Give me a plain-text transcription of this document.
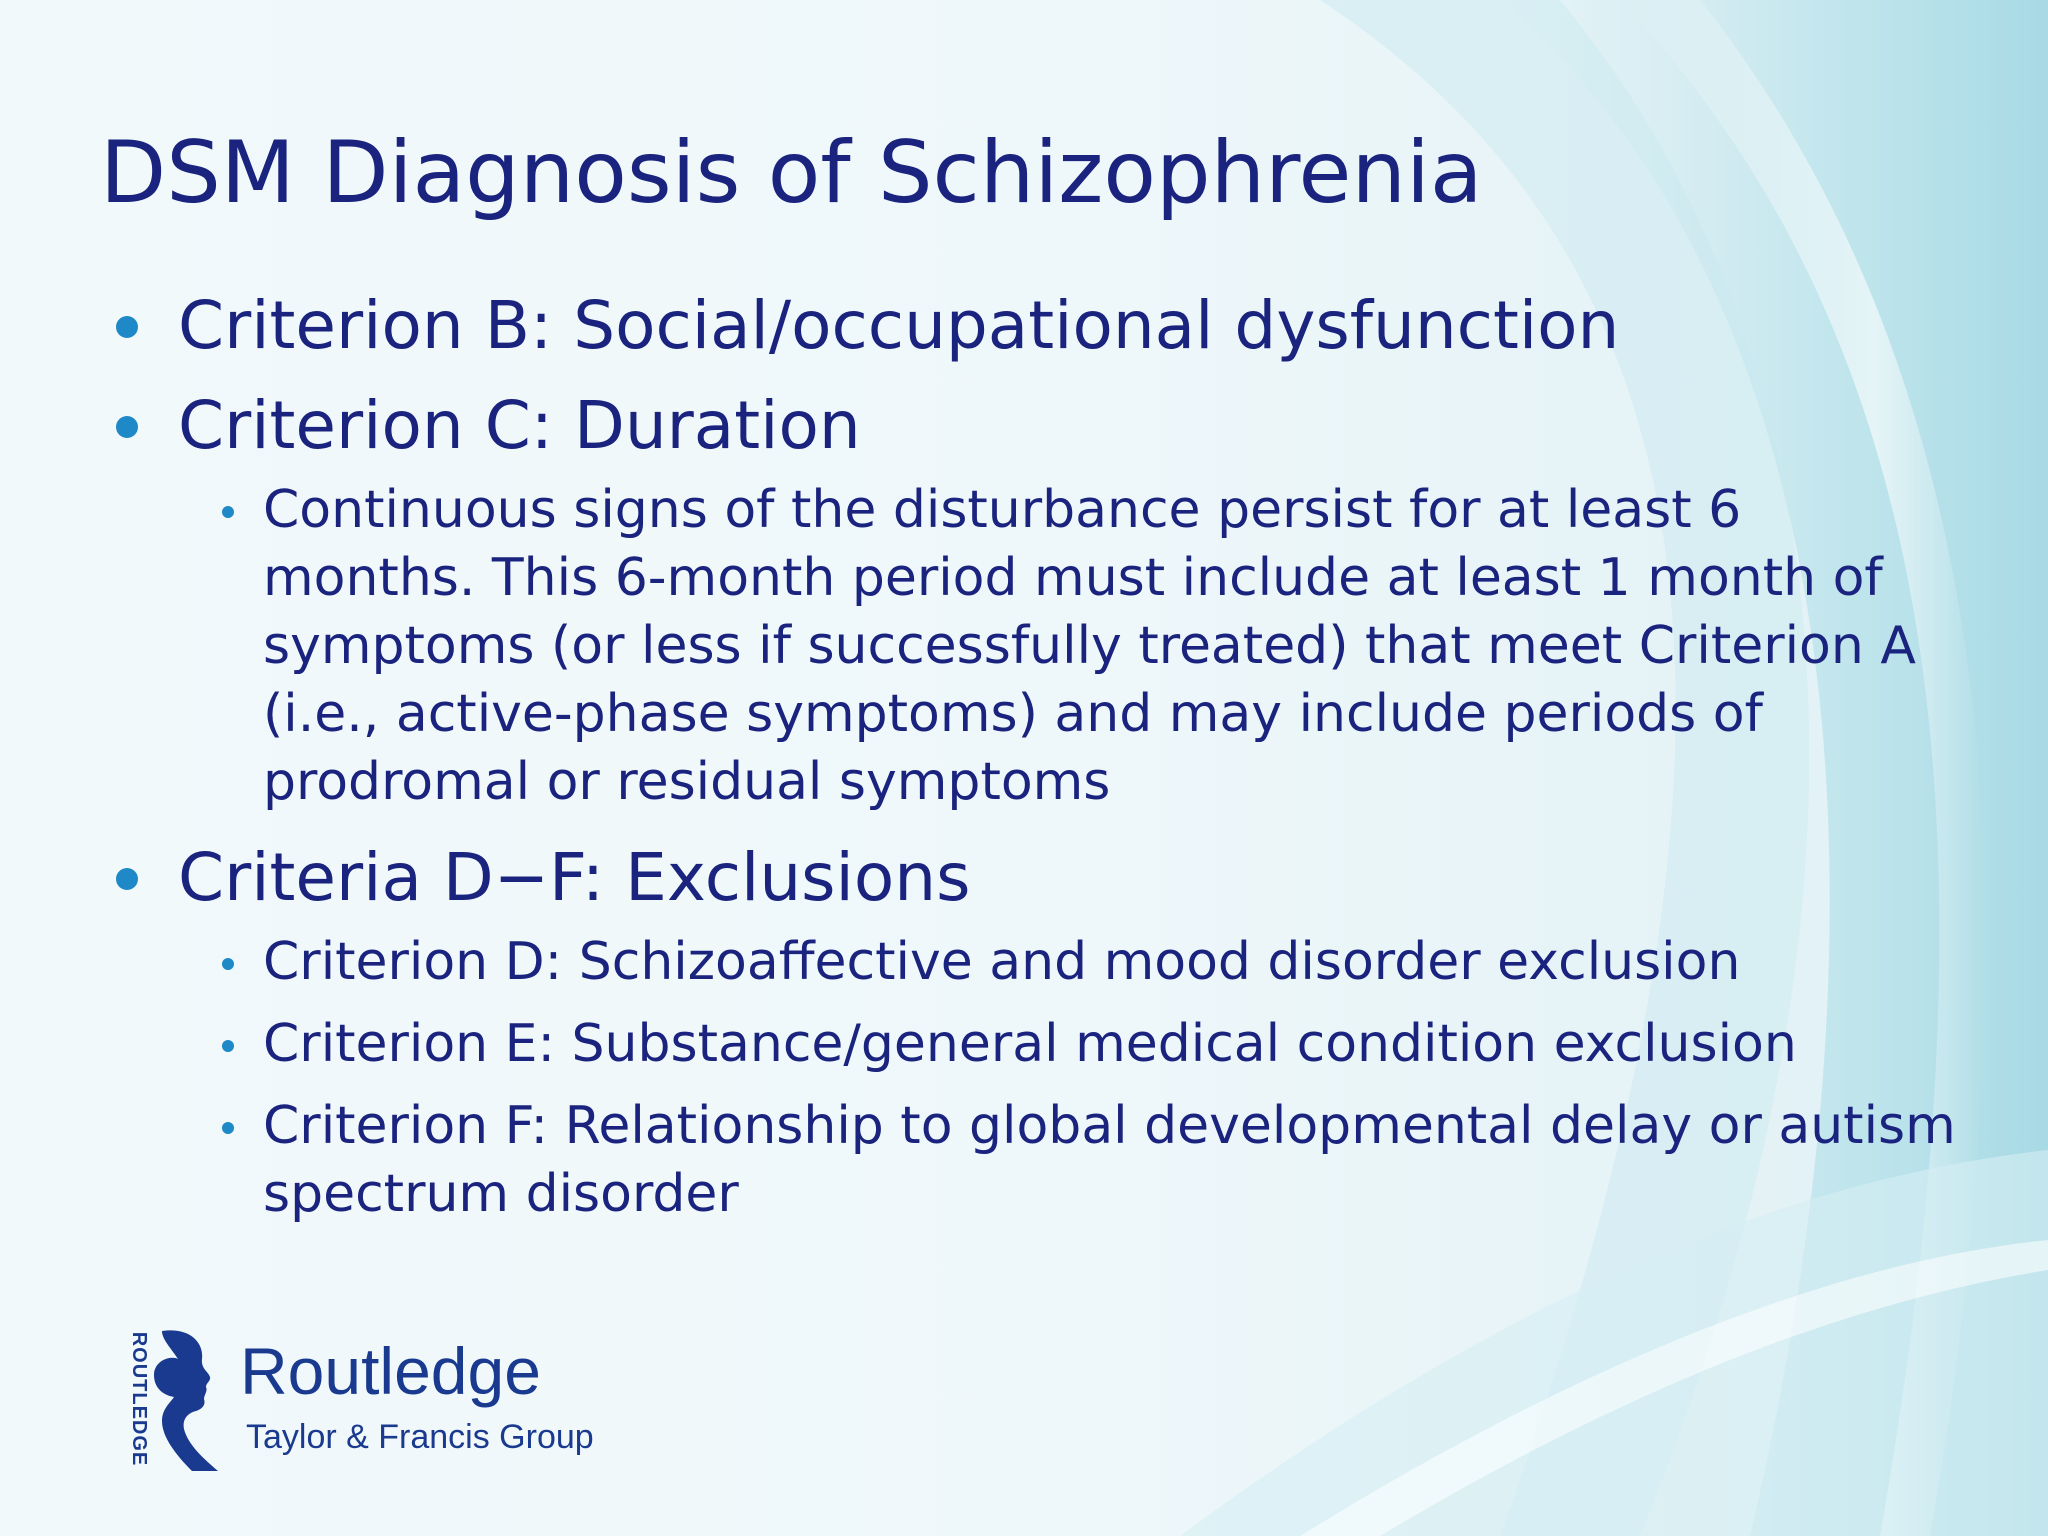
DSM Diagnosis of Schizophrenia
Criterion B: Social/occupational dysfunction
Criterion C: Duration
Continuous signs of the disturbance persist for at least 6 months. This 6-month period must include at least 1 month of symptoms (or less if successfully treated) that meet Criterion A (i.e., active-phase symptoms) and may include periods of prodromal or residual symptoms
Criteria D−F: Exclusions
Criterion D: Schizoaffective and mood disorder exclusion
Criterion E: Substance/general medical condition exclusion
Criterion F: Relationship to global developmental delay or autism spectrum disorder
ROUTLEDGE Routledge
Taylor & Francis Group
